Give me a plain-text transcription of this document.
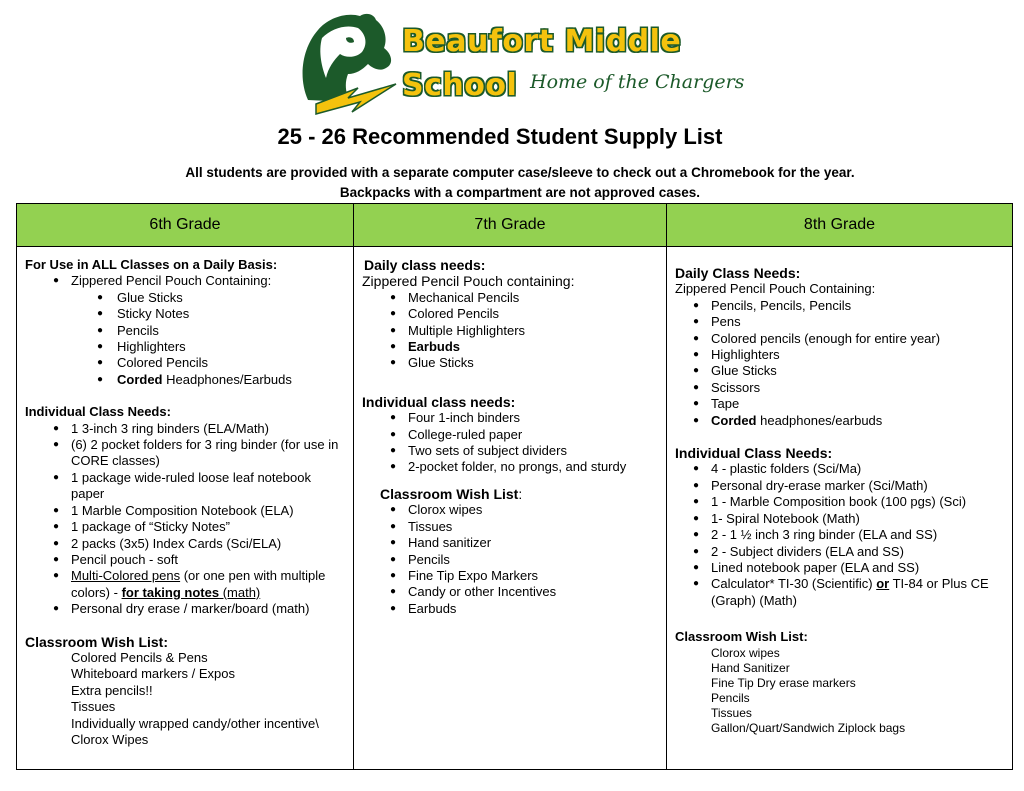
Beaufort Middle
School Home of the Chargers
25 - 26 Recommended Student Supply List
All students are provided with a separate computer case/sleeve to check out a Chromebook for the year.
Backpacks with a compartment are not approved cases.
6th Grade	7th Grade	8th Grade
For Use in ALL Classes on a Daily Basis:
● Zippered Pencil Pouch Containing:
● Glue Sticks
● Sticky Notes
● Pencils
● Highlighters
● Colored Pencils
● Corded Headphones/Earbuds
Individual Class Needs:
● 1 3-inch 3 ring binders (ELA/Math)
● (6) 2 pocket folders for 3 ring binder (for use in CORE classes)
● 1 package wide-ruled loose leaf notebook paper
● 1 Marble Composition Notebook (ELA)
● 1 package of “Sticky Notes”
● 2 packs (3x5) Index Cards (Sci/ELA)
● Pencil pouch - soft
● Multi-Colored pens (or one pen with multiple colors) - for taking notes (math)
● Personal dry erase / marker/board (math)
Classroom Wish List:
Colored Pencils & Pens
Whiteboard markers / Expos
Extra pencils!!
Tissues
Individually wrapped candy/other incentive\
Clorox Wipes
Daily class needs:
Zippered Pencil Pouch containing:
● Mechanical Pencils
● Colored Pencils
● Multiple Highlighters
● Earbuds
● Glue Sticks
Individual class needs:
● Four 1-inch binders
● College-ruled paper
● Two sets of subject dividers
● 2-pocket folder, no prongs, and sturdy
Classroom Wish List:
● Clorox wipes
● Tissues
● Hand sanitizer
● Pencils
● Fine Tip Expo Markers
● Candy or other Incentives
● Earbuds
Daily Class Needs:
Zippered Pencil Pouch Containing:
● Pencils, Pencils, Pencils
● Pens
● Colored pencils (enough for entire year)
● Highlighters
● Glue Sticks
● Scissors
● Tape
● Corded headphones/earbuds
Individual Class Needs:
● 4 - plastic folders (Sci/Ma)
● Personal dry-erase marker (Sci/Math)
● 1 - Marble Composition book (100 pgs) (Sci)
● 1- Spiral Notebook (Math)
● 2 - 1 ½ inch 3 ring binder (ELA and SS)
● 2 - Subject dividers (ELA and SS)
● Lined notebook paper (ELA and SS)
● Calculator* TI-30 (Scientific) or TI-84 or Plus CE (Graph) (Math)
Classroom Wish List:
Clorox wipes
Hand Sanitizer
Fine Tip Dry erase markers
Pencils
Tissues
Gallon/Quart/Sandwich Ziplock bags
